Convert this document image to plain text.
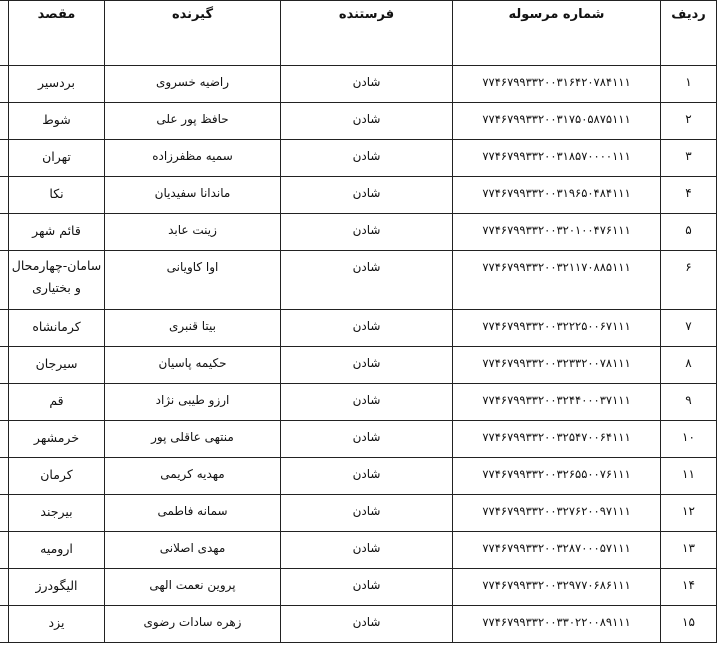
ردیف	شماره مرسوله	فرستنده	گیرنده	مقصد	
۱	۷۷۴۶۷۹۹۳۳۲۰۰۳۱۶۴۲۰۷۸۴۱۱۱	شادن	راضیه خسروی	بردسیر	
۲	۷۷۴۶۷۹۹۳۳۲۰۰۳۱۷۵۰۵۸۷۵۱۱۱	شادن	حافظ پور علی	شوط	
۳	۷۷۴۶۷۹۹۳۳۲۰۰۳۱۸۵۷۰۰۰۰۱۱۱	شادن	سمیه مظفرزاده	تهران	
۴	۷۷۴۶۷۹۹۳۳۲۰۰۳۱۹۶۵۰۴۸۴۱۱۱	شادن	ماندانا سفیدیان	نکا	
۵	۷۷۴۶۷۹۹۳۳۲۰۰۳۲۰۱۰۰۴۷۶۱۱۱	شادن	زینت عابد	قائم شهر	
۶	۷۷۴۶۷۹۹۳۳۲۰۰۳۲۱۱۷۰۸۸۵۱۱۱	شادن	اوا کاویانی	سامان-چهارمحال و بختیاری	
۷	۷۷۴۶۷۹۹۳۳۲۰۰۳۲۲۲۵۰۰۶۷۱۱۱	شادن	بیتا قنبری	کرمانشاه	
۸	۷۷۴۶۷۹۹۳۳۲۰۰۳۲۳۳۲۰۰۷۸۱۱۱	شادن	حکیمه پاسیان	سیرجان	
۹	۷۷۴۶۷۹۹۳۳۲۰۰۳۲۴۴۰۰۰۳۷۱۱۱	شادن	ارزو طیبی نژاد	قم	
۱۰	۷۷۴۶۷۹۹۳۳۲۰۰۳۲۵۴۷۰۰۶۴۱۱۱	شادن	منتهی عاقلی پور	خرمشهر	
۱۱	۷۷۴۶۷۹۹۳۳۲۰۰۳۲۶۵۵۰۰۷۶۱۱۱	شادن	مهدیه کریمی	کرمان	
۱۲	۷۷۴۶۷۹۹۳۳۲۰۰۳۲۷۶۲۰۰۹۷۱۱۱	شادن	سمانه فاطمی	بیرجند	
۱۳	۷۷۴۶۷۹۹۳۳۲۰۰۳۲۸۷۰۰۰۵۷۱۱۱	شادن	مهدی اصلانی	ارومیه	
۱۴	۷۷۴۶۷۹۹۳۳۲۰۰۳۲۹۷۷۰۶۸۶۱۱۱	شادن	پروین نعمت الهی	الیگودرز	
۱۵	۷۷۴۶۷۹۹۳۳۲۰۰۳۳۰۲۲۰۰۸۹۱۱۱	شادن	زهره سادات رضوی	یزد	
